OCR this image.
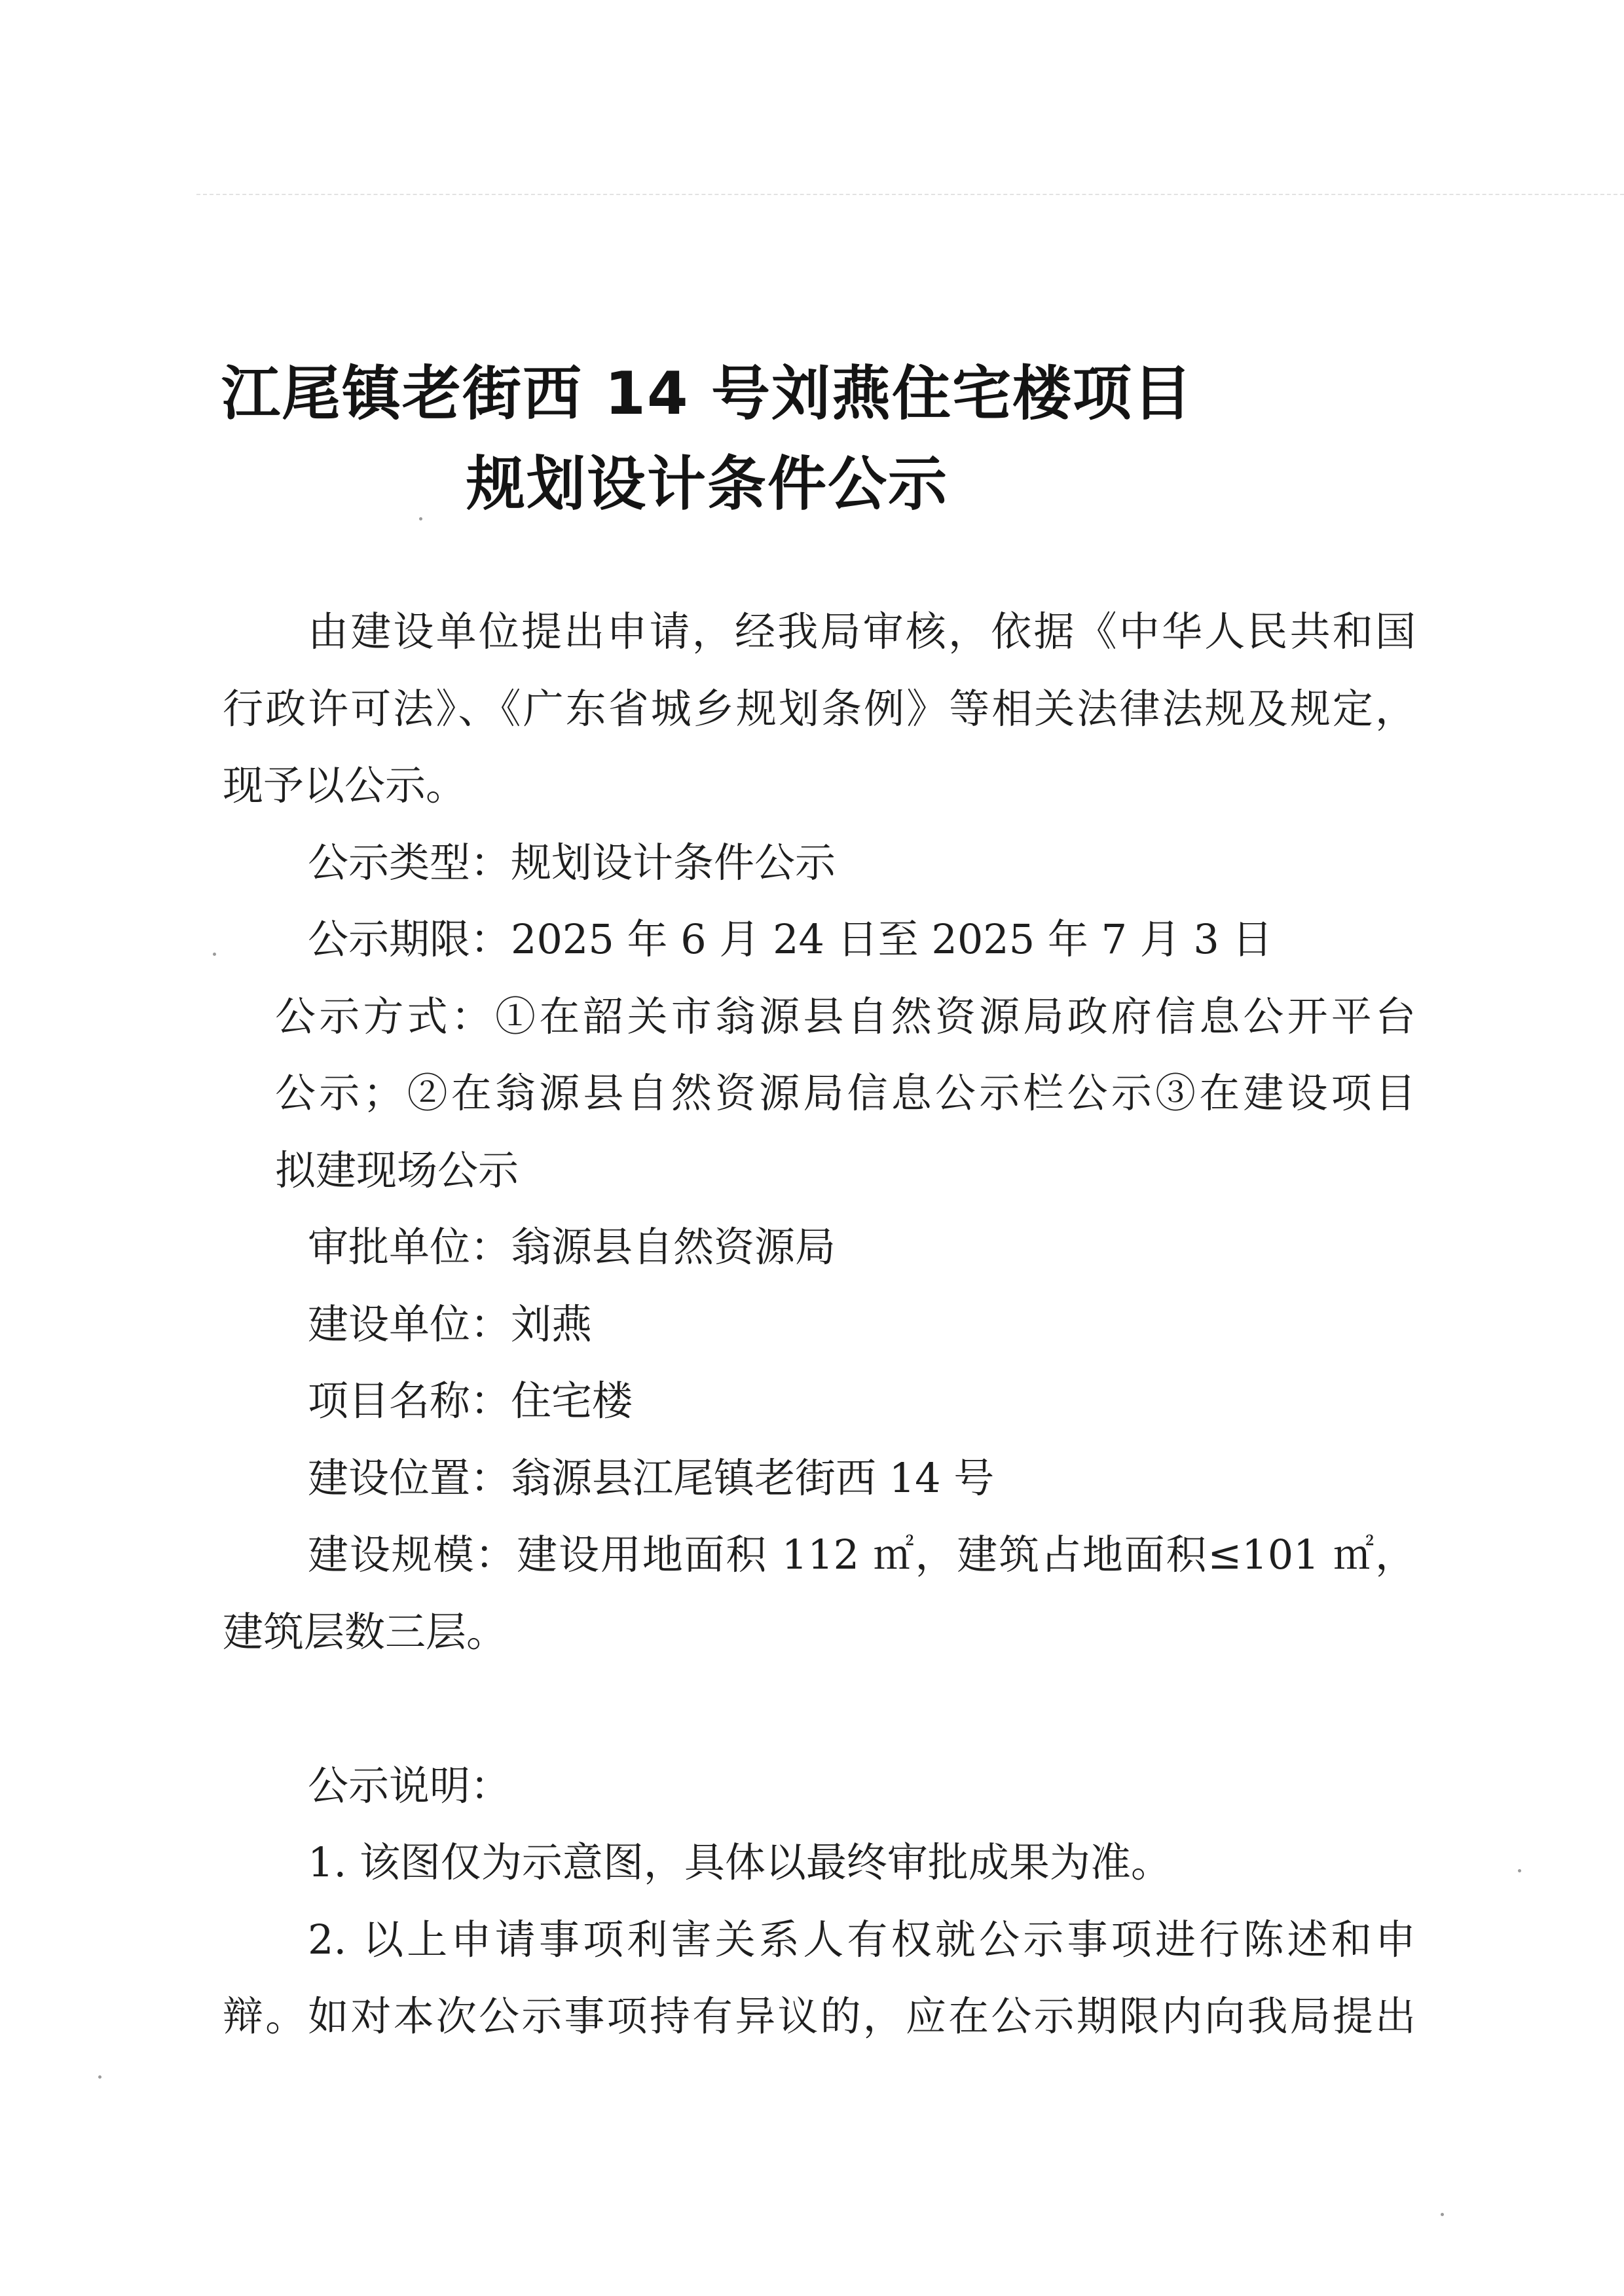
江尾镇老街西 14 号刘燕住宅楼项目
规划设计条件公示
由建设单位提出申请，经我局审核，依据《中华人民共和国
行政许可法》、《广东省城乡规划条例》等相关法律法规及规定，
现予以公示。
公示类型：规划设计条件公示
公示期限：2025 年 6 月 24 日至 2025 年 7 月 3 日
公示方式：①在韶关市翁源县自然资源局政府信息公开平台
公示；②在翁源县自然资源局信息公示栏公示③在建设项目
拟建现场公示
审批单位：翁源县自然资源局
建设单位：刘燕
项目名称：住宅楼
建设位置：翁源县江尾镇老街西 14 号
建设规模：建设用地面积 112 ㎡，建筑占地面积≤101 ㎡，
建筑层数三层。
公示说明：
1. 该图仅为示意图，具体以最终审批成果为准。
2. 以上申请事项利害关系人有权就公示事项进行陈述和申
辩。如对本次公示事项持有异议的，应在公示期限内向我局提出
